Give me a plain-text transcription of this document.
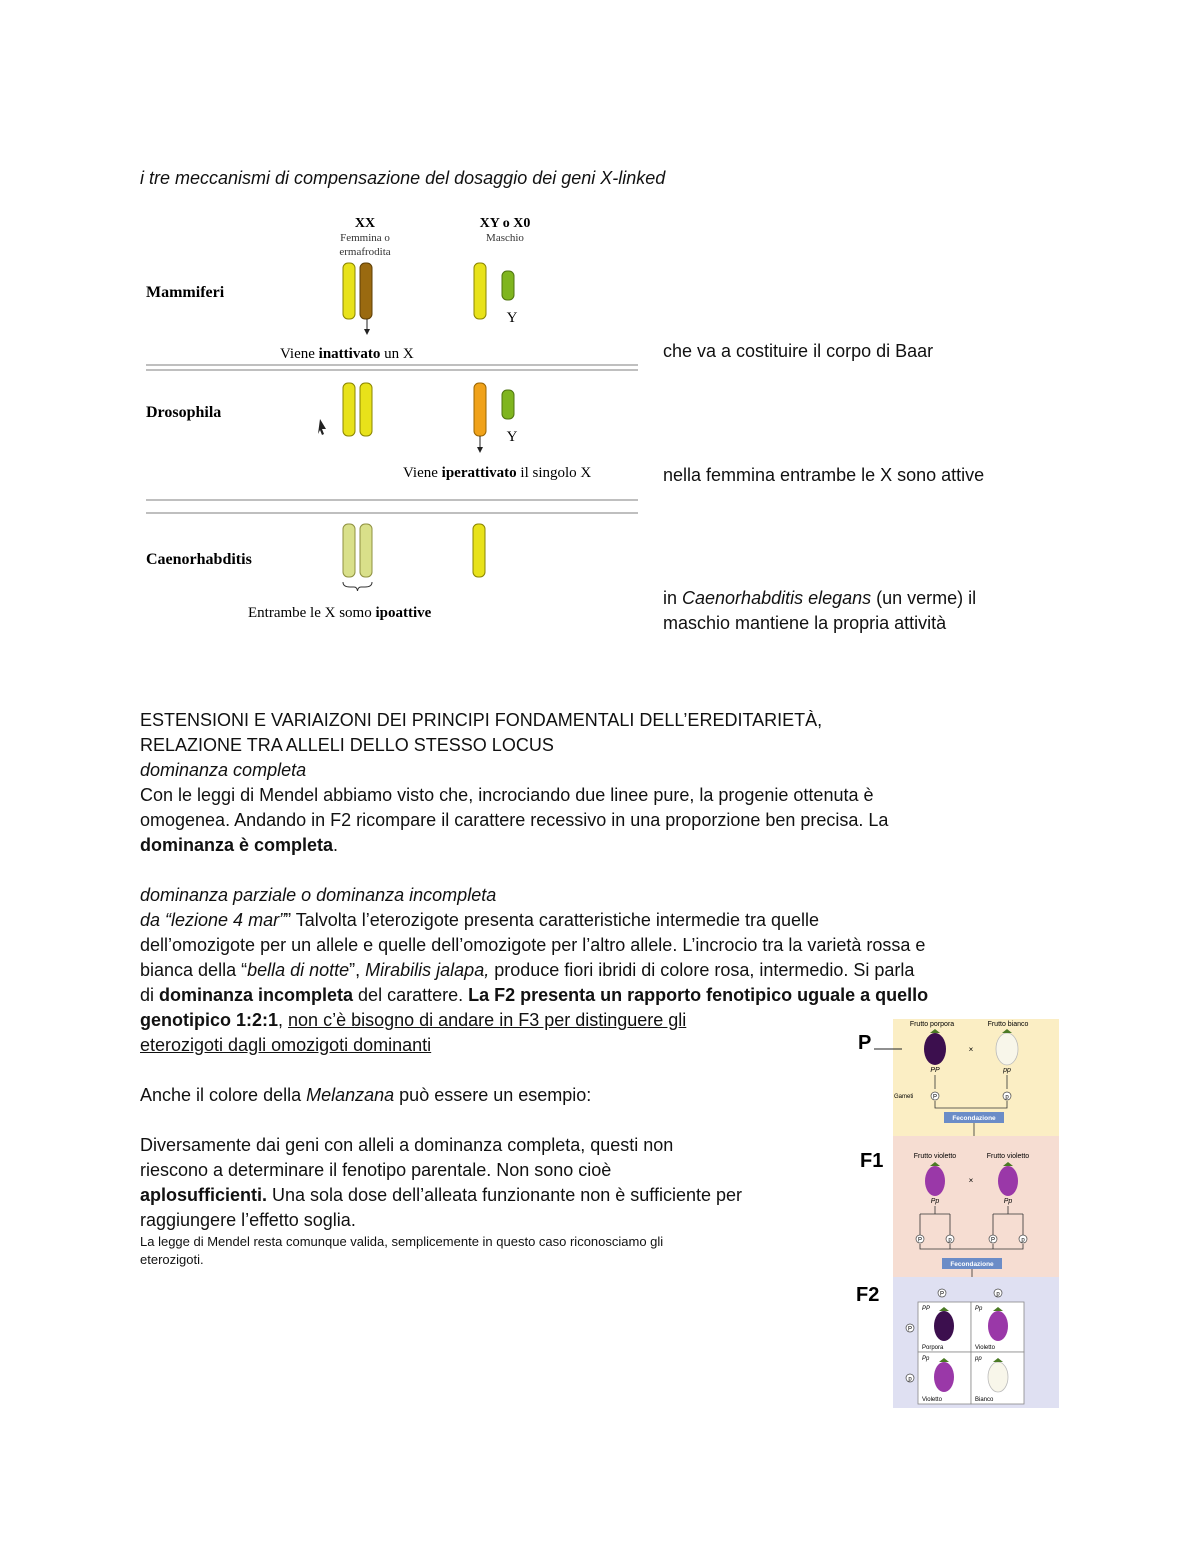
i tre meccanismi di compensazione del dosaggio dei geni X-linked
XX
Femmina o
ermafrodita
XY o X0
Maschio
Mammiferi
Y
Viene inattivato un X
Drosophila
Y
Viene iperattivato il singolo X
Caenorhabditis
Entrambe le X somo ipoattive
che va a costituire il corpo di Baar
nella femmina entrambe le X sono attive
in Caenorhabditis elegans (un verme) il
maschio mantiene la propria attività
ESTENSIONI E VARIAIZONI DEI PRINCIPI FONDAMENTALI DELL’EREDITARIETÀ,
RELAZIONE TRA ALLELI DELLO STESSO LOCUS
dominanza completa
Con le leggi di Mendel abbiamo visto che, incrociando due linee pure, la progenie ottenuta è
omogenea. Andando in F2 ricompare il carattere recessivo in una proporzione ben precisa. La
dominanza è completa.

dominanza parziale o dominanza incompleta
da “lezione 4 mar”” Talvolta l’eterozigote presenta caratteristiche intermedie tra quelle
dell’omozigote per un allele e quelle dell’omozigote per l’altro allele. L’incrocio tra la varietà rossa e
bianca della “bella di notte”, Mirabilis jalapa, produce fiori ibridi di colore rosa, intermedio. Si parla
di dominanza incompleta del carattere. La F2 presenta un rapporto fenotipico uguale a quello
genotipico 1:2:1, non c’è bisogno di andare in F3 per distinguere gli
eterozigoti dagli omozigoti dominanti

Anche il colore della Melanzana può essere un esempio:

Diversamente dai geni con alleli a dominanza completa, questi non
riescono a determinare il fenotipo parentale. Non sono cioè
aplosufficienti. Una sola dose dell’alleata funzionante non è sufficiente per
raggiungere l’effetto soglia.
La legge di Mendel resta comunque valida, semplicemente in questo caso riconosciamo gli
eterozigoti.
P
F1
F2
Frutto porpora	Frutto bianco
×
PP	pp
Gameti	P	p
Fecondazione
Frutto violetto	Frutto violetto
×
Pp	Pp
P	p	P	p
Fecondazione
P	p
P
p
PP	Pp
Pp	pp
Porpora	Violetto
Violetto	Bianco
